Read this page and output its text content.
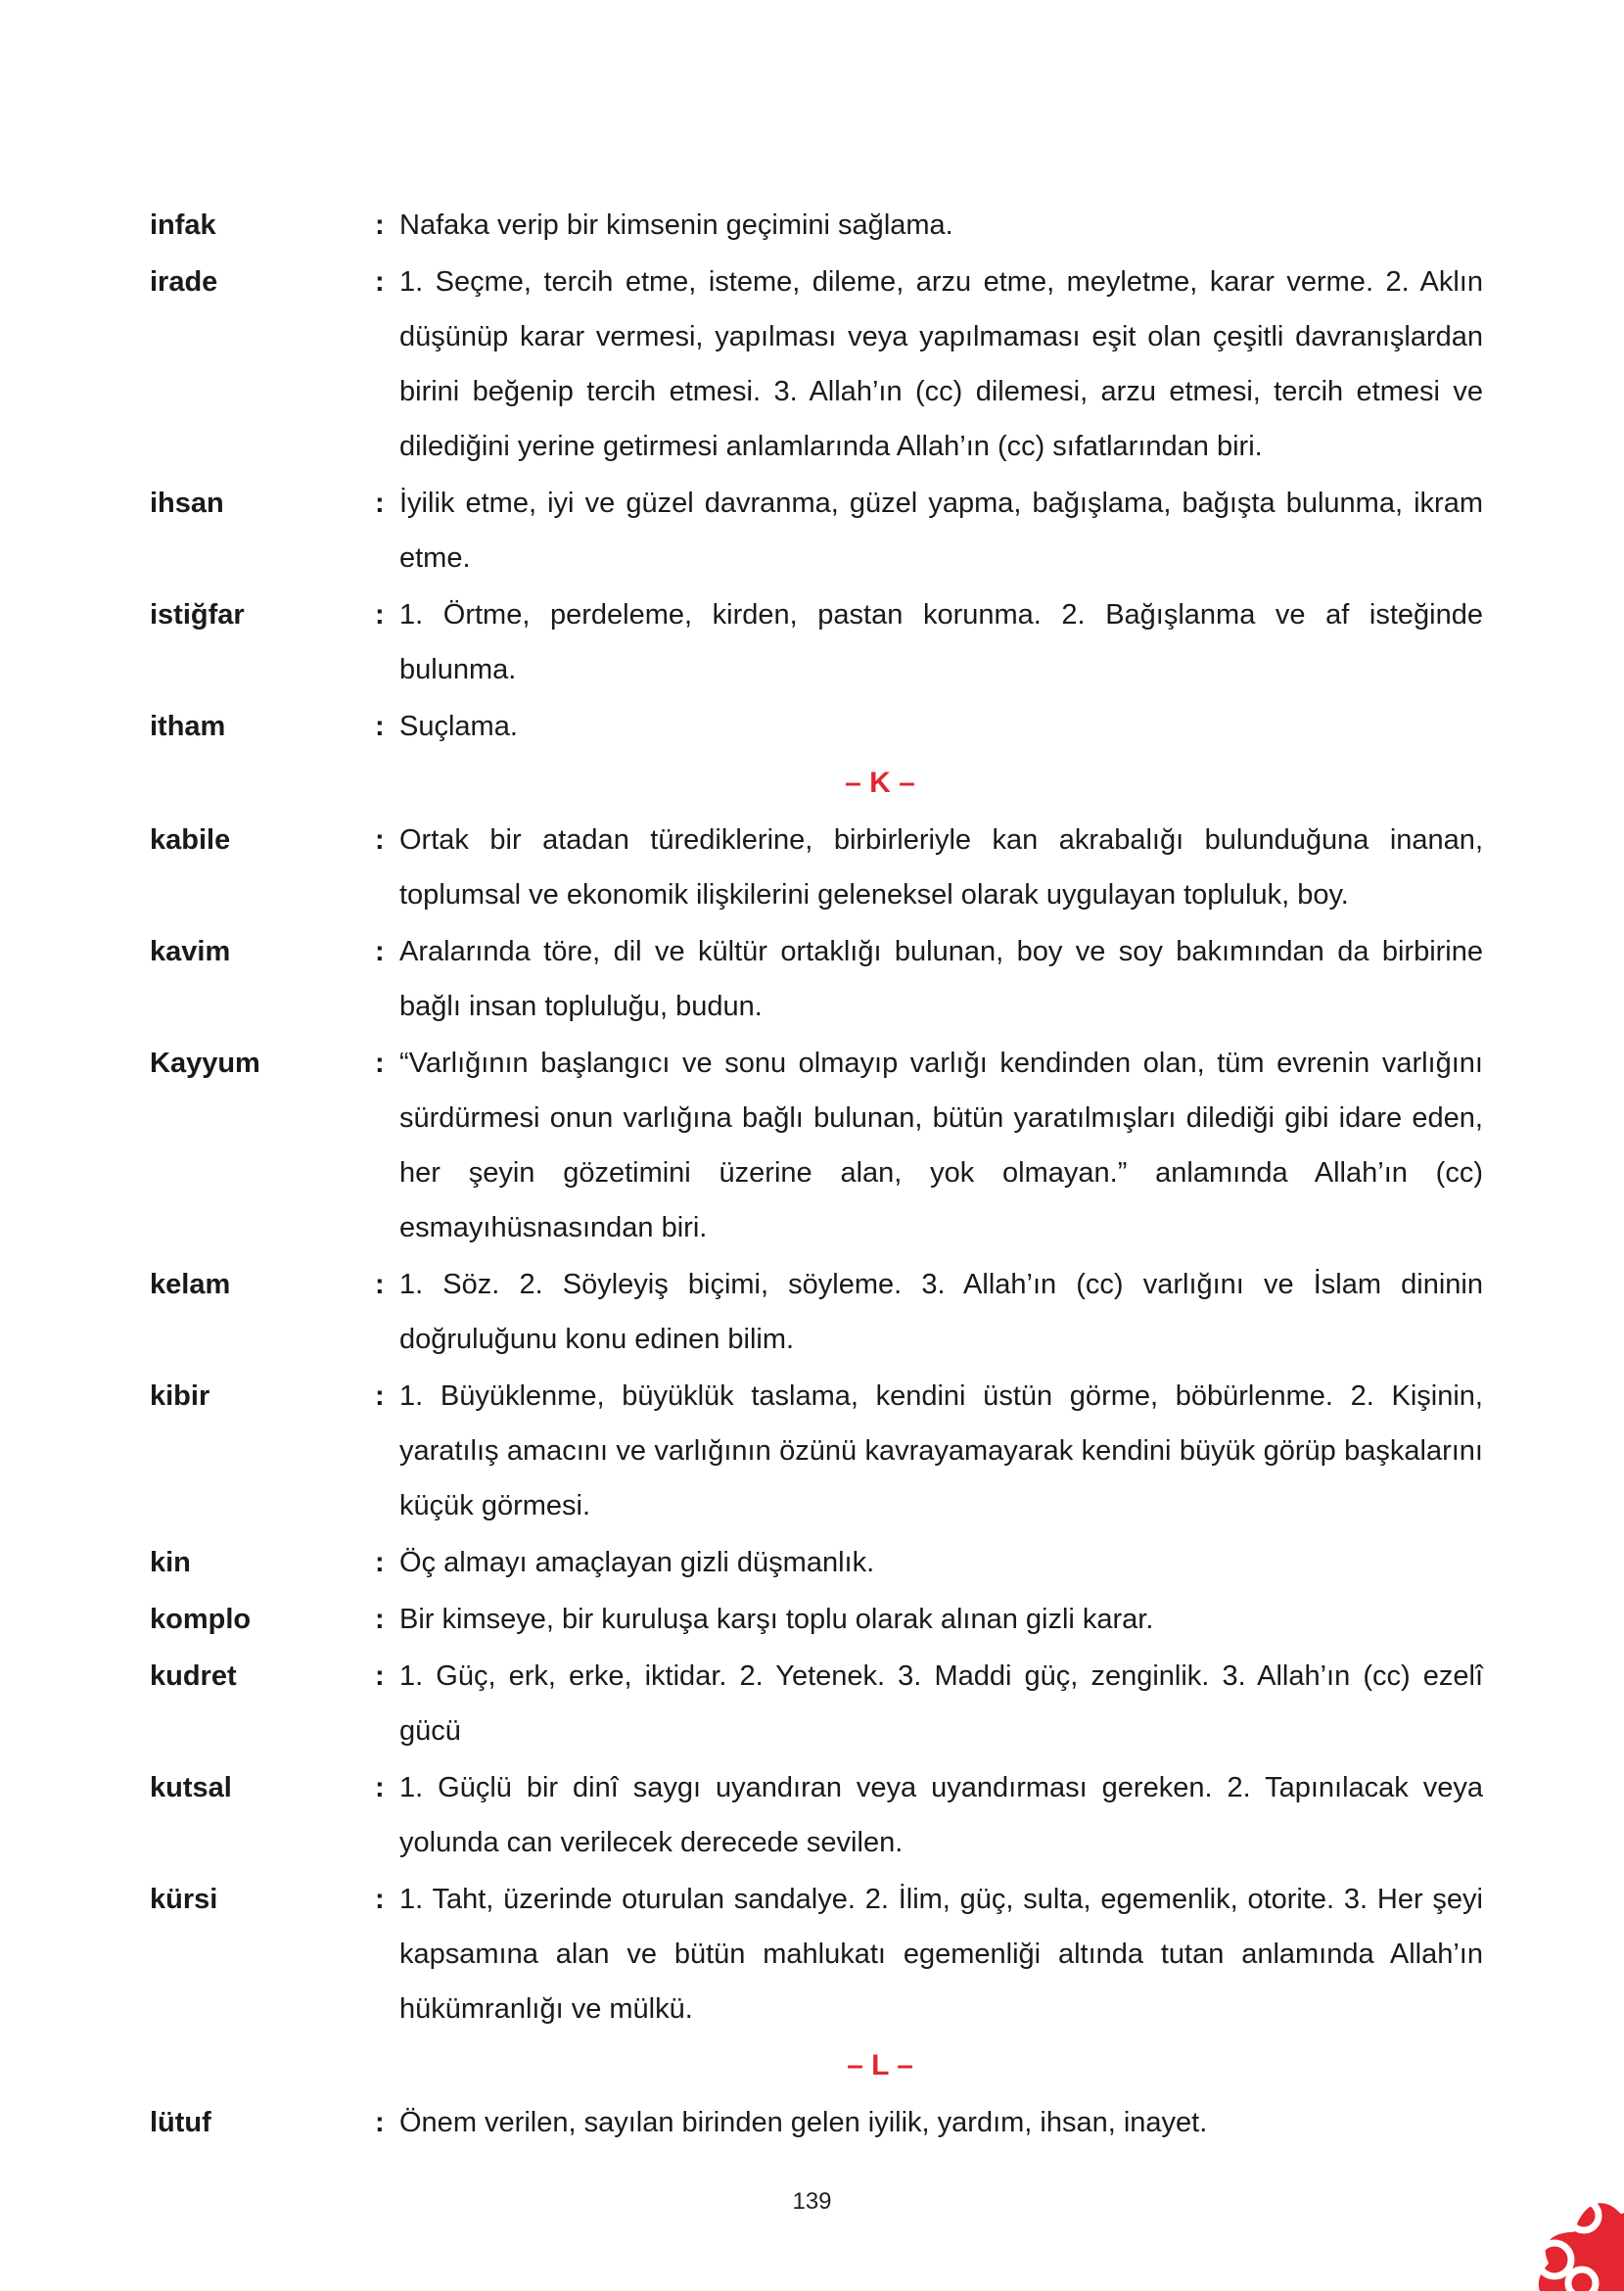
infak	: Nafaka verip bir kimsenin geçimini sağlama.
irade	: 1. Seçme, tercih etme, isteme, dileme, arzu etme, meyletme, karar verme. 2. Aklın düşünüp karar vermesi, yapılması veya yapılmaması eşit olan çeşitli davranışlardan birini beğenip tercih etmesi. 3. Allah’ın (cc) dilemesi, arzu etmesi, tercih etmesi ve dilediğini yerine getirmesi anlamlarında Allah’ın (cc) sıfatlarından biri.
ihsan	: İyilik etme, iyi ve güzel davranma, güzel yapma, bağışlama, bağışta bulunma, ikram etme.
istiğfar	: 1. Örtme, perdeleme, kirden, pastan korunma. 2. Bağışlanma ve af isteğinde bulunma.
itham	: Suçlama.
– K –
kabile	: Ortak bir atadan türediklerine, birbirleriyle kan akrabalığı bulunduğuna inanan, toplumsal ve ekonomik ilişkilerini geleneksel olarak uygulayan topluluk, boy.
kavim	: Aralarında töre, dil ve kültür ortaklığı bulunan, boy ve soy bakımından da birbirine bağlı insan topluluğu, budun.
Kayyum	: “Varlığının başlangıcı ve sonu olmayıp varlığı kendinden olan, tüm evrenin varlığını sürdürmesi onun varlığına bağlı bulunan, bütün yaratılmışları dilediği gibi idare eden, her şeyin gözetimini üzerine alan, yok olmayan.” anlamında Allah’ın (cc) esmayıhüsnasından biri.
kelam	: 1. Söz. 2. Söyleyiş biçimi, söyleme. 3. Allah’ın (cc) varlığını ve İslam dininin doğruluğunu konu edinen bilim.
kibir	: 1. Büyüklenme, büyüklük taslama, kendini üstün görme, böbürlenme. 2. Kişinin, yaratılış amacını ve varlığının özünü kavrayamayarak kendini büyük görüp başkalarını küçük görmesi.
kin	: Öç almayı amaçlayan gizli düşmanlık.
komplo	: Bir kimseye, bir kuruluşa karşı toplu olarak alınan gizli karar.
kudret	: 1. Güç, erk, erke, iktidar. 2. Yetenek. 3. Maddi güç, zenginlik. 3. Allah’ın (cc) ezelî gücü
kutsal	: 1. Güçlü bir dinî saygı uyandıran veya uyandırması gereken. 2. Tapınılacak veya yolunda can verilecek derecede sevilen.
kürsi	: 1. Taht, üzerinde oturulan sandalye. 2. İlim, güç, sulta, egemenlik, otorite. 3. Her şeyi kapsamına alan ve bütün mahlukatı egemenliği altında tutan anlamında Allah’ın hükümranlığı ve mülkü.
– L –
lütuf	: Önem verilen, sayılan birinden gelen iyilik, yardım, ihsan, inayet.
139
